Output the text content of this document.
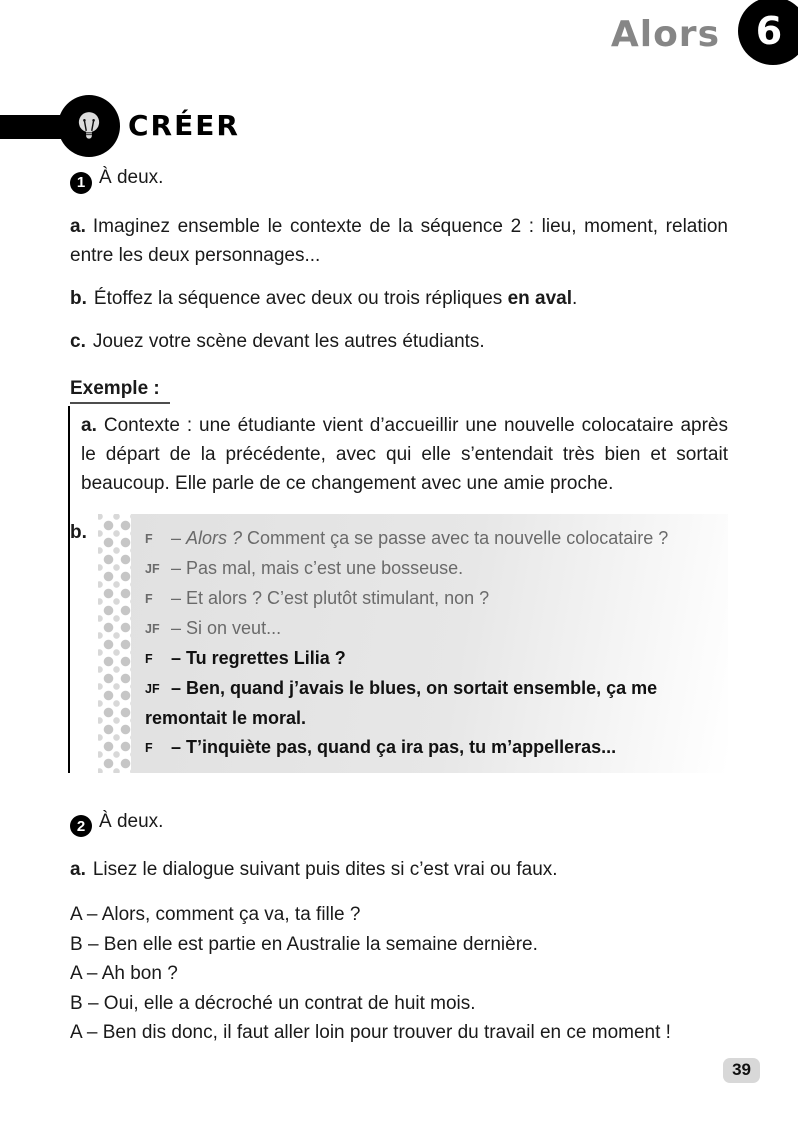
Alors 6
CRÉER

1 À deux.

a. Imaginez ensemble le contexte de la séquence 2 : lieu, moment, relation entre les deux personnages...

b. Étoffez la séquence avec deux ou trois répliques en aval.

c. Jouez votre scène devant les autres étudiants.

Exemple :

a. Contexte : une étudiante vient d’accueillir une nouvelle colocataire après le départ de la précédente, avec qui elle s’entendait très bien et sortait beaucoup. Elle parle de ce changement avec une amie proche.

b.	F – Alors ? Comment ça se passe avec ta nouvelle colocataire ?
JF – Pas mal, mais c’est une bosseuse.
F – Et alors ? C’est plutôt stimulant, non ?
JF – Si on veut...
F – Tu regrettes Lilia ?
JF – Ben, quand j’avais le blues, on sortait ensemble, ça me remontait le moral.
F – T’inquiète pas, quand ça ira pas, tu m’appelleras...

2 À deux.

a. Lisez le dialogue suivant puis dites si c’est vrai ou faux.

A – Alors, comment ça va, ta fille ?

B – Ben elle est partie en Australie la semaine dernière.

A – Ah bon ?

B – Oui, elle a décroché un contrat de huit mois.

A – Ben dis donc, il faut aller loin pour trouver du travail en ce moment !

39
